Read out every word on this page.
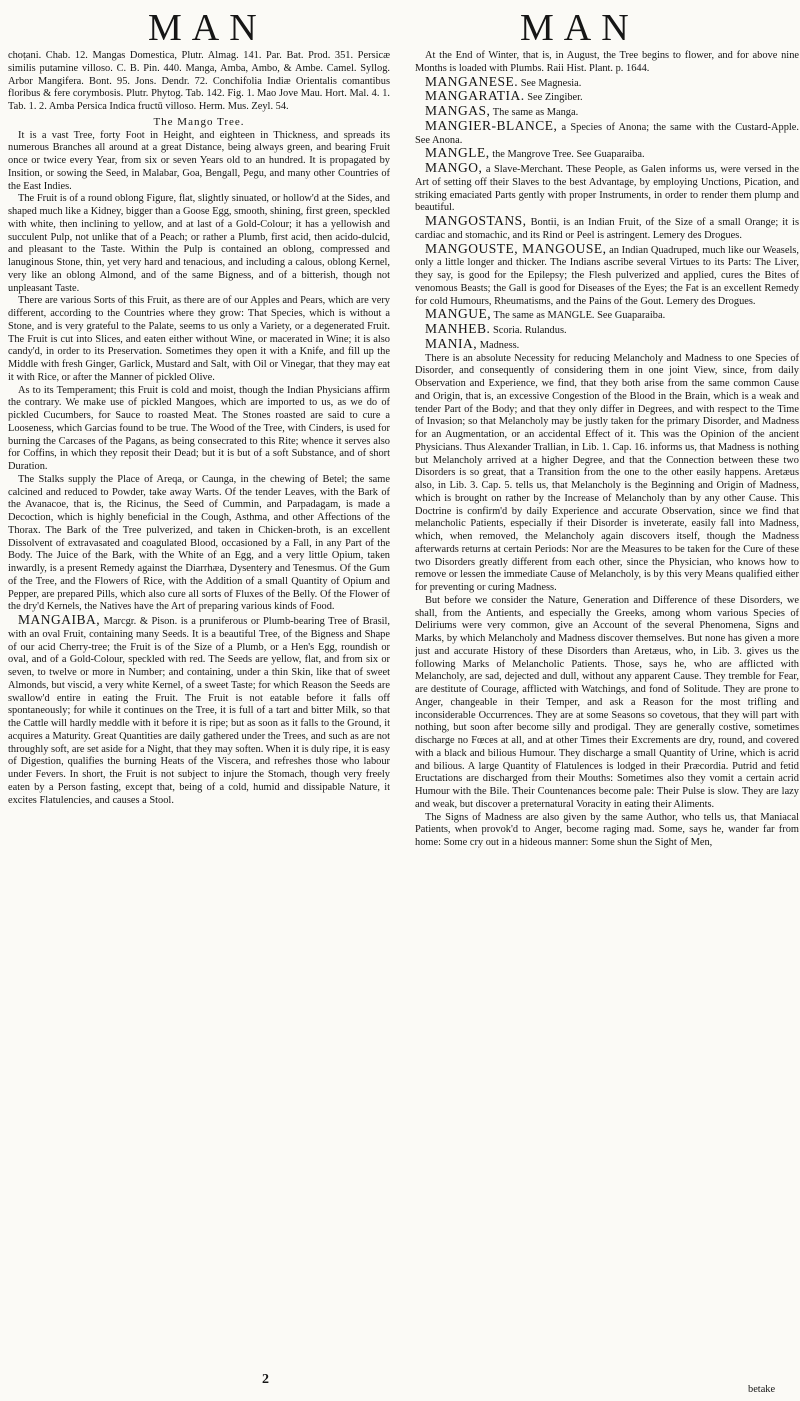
MAN	MAN

choṭani. Chab. 12. Mangas Domestica, Plutr. Almag. 141. Par. Bat. Prod. 351. Persicæ similis putamine villoso. C. B. Pin. 440. Manga, Amba, Ambo, & Ambe. Camel. Syllog. Arbor Mangifera. Bont. 95. Jons. Dendr. 72. Conchifolia Indiæ Orientalis comantibus floribus & fere corymbosis. Plutr. Phytog. Tab. 142. Fig. 1. Mao Jove Mau. Hort. Mal. 4. 1. Tab. 1. 2. Amba Persica Indica fructū villoso. Herm. Mus. Zeyl. 54.

The Mango Tree.

It is a vast Tree, forty Foot in Height, and eighteen in Thickness, and spreads its numerous Branches all around at a great Distance, being always green, and bearing Fruit once or twice every Year, from six or seven Years old to an hundred. It is propagated by Insition, or sowing the Seed, in Malabar, Goa, Bengall, Pegu, and many other Countries of the East Indies.

The Fruit is of a round oblong Figure, flat, slightly sinuated, or hollow'd at the Sides, and shaped much like a Kidney, bigger than a Goose Egg, smooth, shining, first green, speckled with white, then inclining to yellow, and at last of a Gold-Colour; it has a yellowish and succulent Pulp, not unlike that of a Peach; or rather a Plumb, first acid, then acido-dulcid, and pleasant to the Taste. Within the Pulp is contained an oblong, compressed and lanuginous Stone, thin, yet very hard and tenacious, and including a calous, oblong Kernel, very like an oblong Almond, and of the same Bigness, and of a bitterish, though not unpleasant Taste.

There are various Sorts of this Fruit, as there are of our Apples and Pears, which are very different, according to the Countries where they grow: That Species, which is without a Stone, and is very grateful to the Palate, seems to us only a Variety, or a degenerated Fruit. The Fruit is cut into Slices, and eaten either without Wine, or macerated in Wine; it is also candy'd, in order to its Preservation. Sometimes they open it with a Knife, and fill up the Middle with fresh Ginger, Garlick, Mustard and Salt, with Oil or Vinegar, that they may eat it with Rice, or after the Manner of pickled Olive.

As to its Temperament; this Fruit is cold and moist, though the Indian Physicians affirm the contrary. We make use of pickled Mangoes, which are imported to us, as we do of pickled Cucumbers, for Sauce to roasted Meat. The Stones roasted are said to cure a Looseness, which Garcias found to be true. The Wood of the Tree, with Cinders, is used for burning the Carcases of the Pagans, as being consecrated to this Rite; whence it serves also for Coffins, in which they reposit their Dead; but it is but of a soft Substance, and of short Duration.

The Stalks supply the Place of Areqa, or Caunga, in the chewing of Betel; the same calcined and reduced to Powder, take away Warts. Of the tender Leaves, with the Bark of the Avanacoe, that is, the Ricinus, the Seed of Cummin, and Parpadagam, is made a Decoction, which is highly beneficial in the Cough, Asthma, and other Affections of the Thorax. The Bark of the Tree pulverized, and taken in Chicken-broth, is an excellent Dissolvent of extravasated and coagulated Blood, occasioned by a Fall, in any Part of the Body. The Juice of the Bark, with the White of an Egg, and a very little Opium, taken inwardly, is a present Remedy against the Diarrhæa, Dysentery and Tenesmus. Of the Gum of the Tree, and the Flowers of Rice, with the Addition of a small Quantity of Opium and Pepper, are prepared Pills, which also cure all sorts of Fluxes of the Belly. Of the Flower of the dry'd Kernels, the Natives have the Art of preparing various kinds of Food.

MANGAIBA, Marcgr. & Pison. is a pruniferous or Plumb-bearing Tree of Brasil, with an oval Fruit, containing many Seeds. It is a beautiful Tree, of the Bigness and Shape of our acid Cherry-tree; the Fruit is of the Size of a Plumb, or a Hen's Egg, roundish or oval, and of a Gold-Colour, speckled with red. The Seeds are yellow, flat, and from six or seven, to twelve or more in Number; and containing, under a thin Skin, like that of sweet Almonds, but viscid, a very white Kernel, of a sweet Taste; for which Reason the Seeds are swallow'd entire in eating the Fruit. The Fruit is not eatable before it falls off spontaneously; for while it continues on the Tree, it is full of a tart and bitter Milk, so that the Cattle will hardly meddle with it before it is ripe; but as soon as it falls to the Ground, it acquires a Maturity. Great Quantities are daily gathered under the Trees, and such as are not throughly soft, are set aside for a Night, that they may soften. When it is duly ripe, it is easy of Digestion, qualifies the burning Heats of the Viscera, and refreshes those who labour under Fevers. In short, the Fruit is not subject to injure the Stomach, though very freely eaten by a Person fasting, except that, being of a cold, humid and dissipable Nature, it excites Flatulencies, and causes a Stool.

At the End of Winter, that is, in August, the Tree begins to flower, and for above nine Months is loaded with Plumbs. Raii Hist. Plant. p. 1644.

MANGANESE. See Magnesia.

MANGARATIA. See Zingiber.

MANGAS, The same as Manga.

MANGIER-BLANCE, a Species of Anona; the same with the Custard-Apple. See Anona.

MANGLE, the Mangrove Tree. See Guaparaiba.

MANGO, a Slave-Merchant. These People, as Galen informs us, were versed in the Art of setting off their Slaves to the best Advantage, by employing Unctions, Pication, and striking emaciated Parts gently with proper Instruments, in order to render them plump and beautiful.

MANGOSTANS, Bontii, is an Indian Fruit, of the Size of a small Orange; it is cardiac and stomachic, and its Rind or Peel is astringent. Lemery des Drogues.

MANGOUSTE, MANGOUSE, an Indian Quadruped, much like our Weasels, only a little longer and thicker. The Indians ascribe several Virtues to its Parts: The Liver, they say, is good for the Epilepsy; the Flesh pulverized and applied, cures the Bites of venomous Beasts; the Gall is good for Diseases of the Eyes; the Fat is an excellent Remedy for cold Humours, Rheumatisms, and the Pains of the Gout. Lemery des Drogues.

MANGUE, The same as MANGLE. See Guaparaiba.

MANHEB. Scoria. Rulandus.

MANIA, Madness.

There is an absolute Necessity for reducing Melancholy and Madness to one Species of Disorder, and consequently of considering them in one joint View, since, from daily Observation and Experience, we find, that they both arise from the same common Cause and Origin, that is, an excessive Congestion of the Blood in the Brain, which is a weak and tender Part of the Body; and that they only differ in Degrees, and with respect to the Time of Invasion; so that Melancholy may be justly taken for the primary Disorder, and Madness for an Augmentation, or an accidental Effect of it. This was the Opinion of the ancient Physicians. Thus Alexander Trallian, in Lib. 1. Cap. 16. informs us, that Madness is nothing but Melancholy arrived at a higher Degree, and that the Connection between these two Disorders is so great, that a Transition from the one to the other easily happens. Aretæus also, in Lib. 3. Cap. 5. tells us, that Melancholy is the Beginning and Origin of Madness, which is brought on rather by the Increase of Melancholy than by any other Cause. This Doctrine is confirm'd by daily Experience and accurate Observation, since we find that melancholic Patients, especially if their Disorder is inveterate, easily fall into Madness, which, when removed, the Melancholy again discovers itself, though the Madness afterwards returns at certain Periods: Nor are the Measures to be taken for the Cure of these two Disorders greatly different from each other, since the Physician, who knows how to remove or lessen the immediate Cause of Melancholy, is by this very Means qualified either for preventing or curing Madness.

But before we consider the Nature, Generation and Difference of these Disorders, we shall, from the Antients, and especially the Greeks, among whom various Species of Deliriums were very common, give an Account of the several Phenomena, Signs and Marks, by which Melancholy and Madness discover themselves. But none has given a more just and accurate History of these Disorders than Aretæus, who, in Lib. 3. gives us the following Marks of Melancholic Patients. Those, says he, who are afflicted with Melancholy, are sad, dejected and dull, without any apparent Cause. They tremble for Fear, are destitute of Courage, afflicted with Watchings, and fond of Solitude. They are prone to Anger, changeable in their Temper, and ask a Reason for the most trifling and inconsiderable Occurrences. They are at some Seasons so covetous, that they will part with nothing, but soon after become silly and prodigal. They are generally costive, sometimes discharge no Fœces at all, and at other Times their Excrements are dry, round, and covered with a black and bilious Humour. They discharge a small Quantity of Urine, which is acrid and bilious. A large Quantity of Flatulences is lodged in their Præcordia. Putrid and fetid Eructations are discharged from their Mouths: Sometimes also they vomit a certain acrid Humour with the Bile. Their Countenances become pale: Their Pulse is slow. They are lazy and weak, but discover a preternatural Voracity in eating their Aliments.

The Signs of Madness are also given by the same Author, who tells us, that Maniacal Patients, when provok'd to Anger, become raging mad. Some, says he, wander far from home: Some cry out in a hideous manner: Some shun the Sight of Men,

2
betake
